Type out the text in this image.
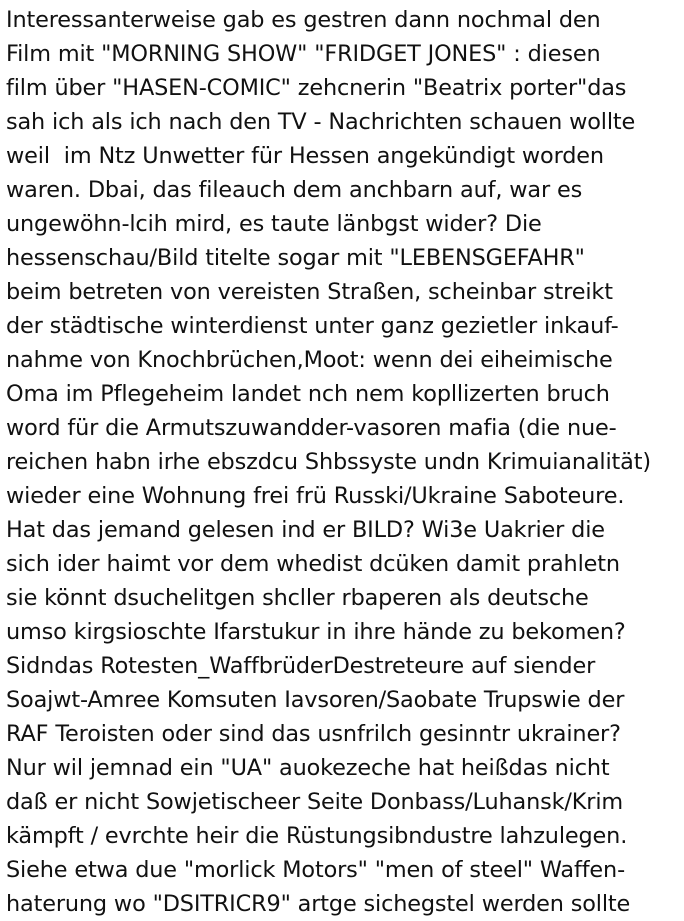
Interessanterweise gab es gestren dann nochmal den
Film mit "MORNING SHOW" "FRIDGET JONES" : diesen
film über "HASEN-COMIC" zehcnerin "Beatrix porter"das
sah ich als ich nach den TV - Nachrichten schauen wollte
weil  im Ntz Unwetter für Hessen angekündigt worden
waren. Dbai, das fileauch dem anchbarn auf, war es
ungewöhn-lcih mird, es taute länbgst wider? Die
hessenschau/Bild titelte sogar mit "LEBENSGEFAHR"
beim betreten von vereisten Straßen, scheinbar streikt
der städtische winterdienst unter ganz gezietler inkauf-
nahme von Knochbrüchen,Moot: wenn dei eiheimische
Oma im Pflegeheim landet nch nem kopllizerten bruch
word für die Armutszuwandder-vasoren mafia (die nue-
reichen habn irhe ebszdcu Shbssyste undn Krimuianalität)
wieder eine Wohnung frei frü Russki/Ukraine Saboteure.
Hat das jemand gelesen ind er BILD? Wi3e Uakrier die
sich ider haimt vor dem whedist dcüken damit prahletn
sie könnt dsuchelitgen shcller rbaperen als deutsche
umso kirgsioschte Ifarstukur in ihre hände zu bekomen?
Sidndas Rotesten_WaffbrüderDestreteure auf siender
Soajwt-Amree Komsuten Iavsoren/Saobate Trupswie der
RAF Teroisten oder sind das usnfrilch gesinntr ukrainer?
Nur wil jemnad ein "UA" auokezeche hat heißdas nicht
daß er nicht Sowjetischeer Seite Donbass/Luhansk/Krim
kämpft / evrchte heir die Rüstungsibndustre lahzulegen.
Siehe etwa due "morlick Motors" "men of steel" Waffen-
haterung wo "DSITRICR9" artge sichegstel werden sollte
